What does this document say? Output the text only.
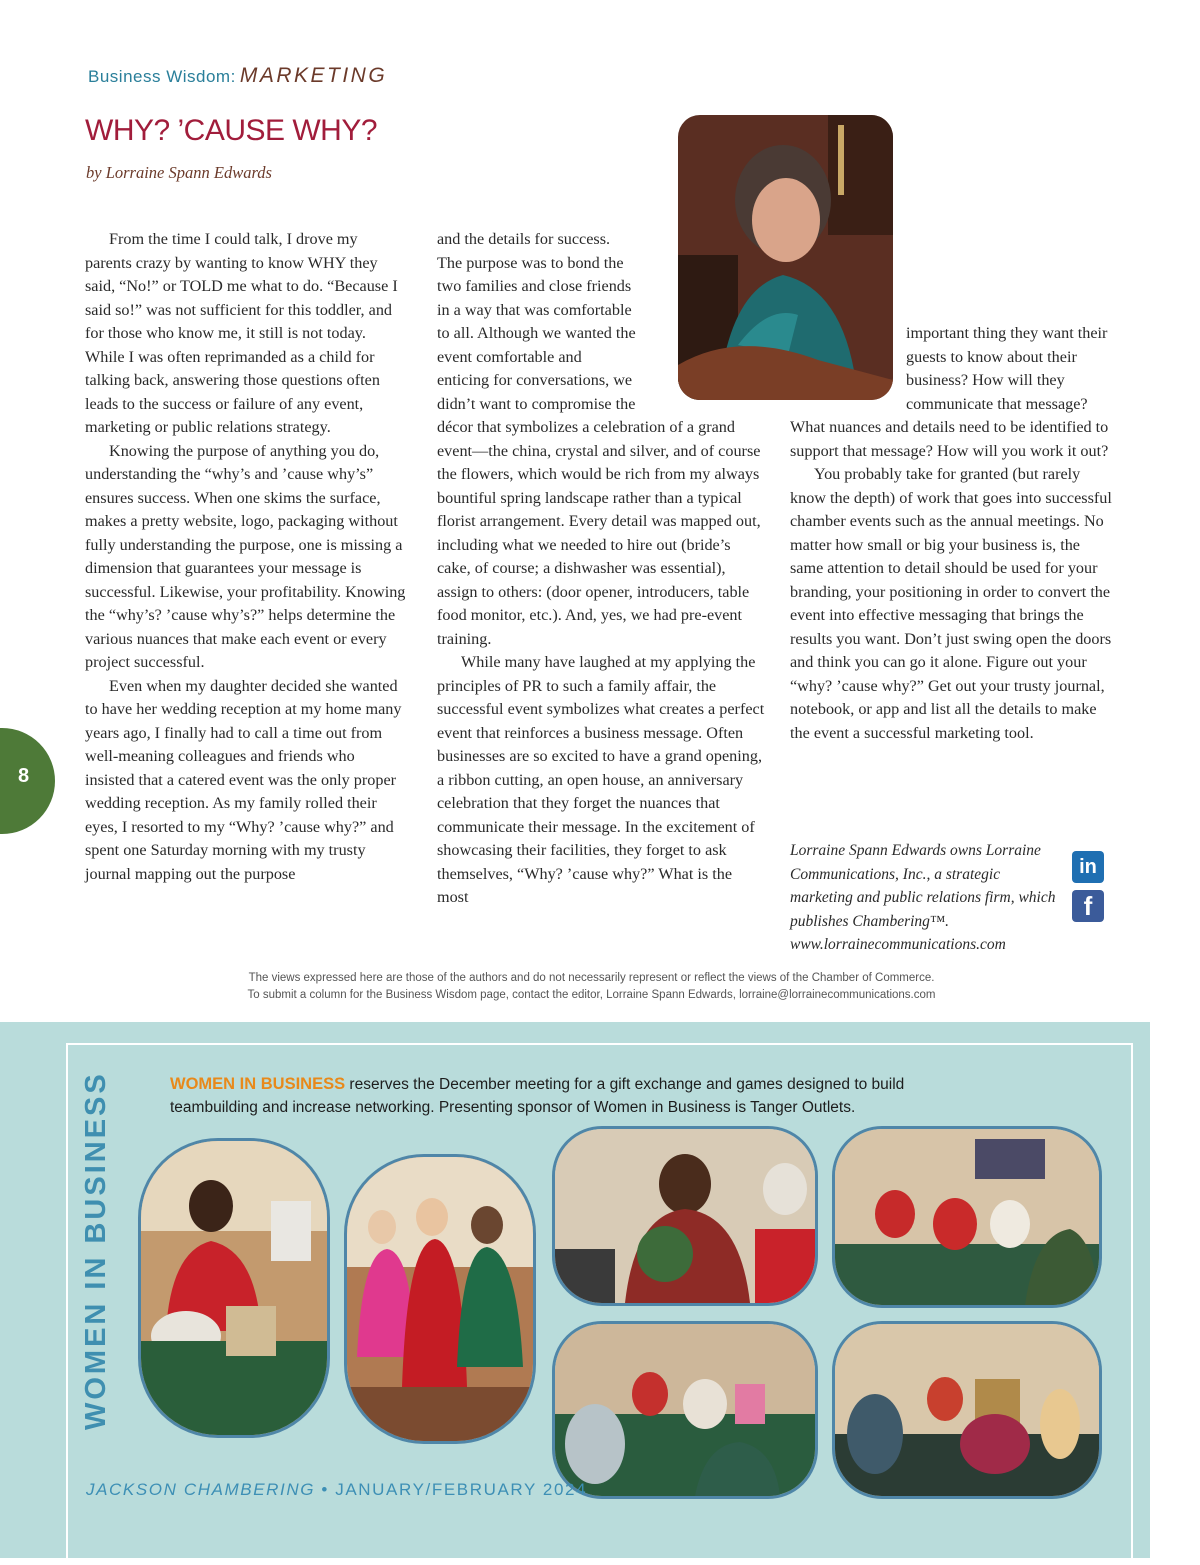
Business Wisdom: MARKETING
WHY? ’CAUSE WHY?
by Lorraine Spann Edwards

From the time I could talk, I drove my parents crazy by wanting to know WHY they said, “No!” or TOLD me what to do. “Because I said so!” was not sufficient for this toddler, and for those who know me, it still is not today. While I was often reprimanded as a child for talking back, answering those questions often leads to the success or failure of any event, marketing or public relations strategy.

Knowing the purpose of anything you do, understanding the “why’s and ’cause why’s” ensures success. When one skims the surface, makes a pretty website, logo, packaging without fully understanding the purpose, one is missing a dimension that guarantees your message is successful. Likewise, your profitability. Knowing the “why’s? ’cause why’s?” helps determine the various nuances that make each event or every project successful.

Even when my daughter decided she wanted to have her wedding reception at my home many years ago, I finally had to call a time out from well-meaning colleagues and friends who insisted that a catered event was the only proper wedding reception. As my family rolled their eyes, I resorted to my “Why? ’cause why?” and spent one Saturday morning with my trusty journal mapping out the purpose

and the details for success. The purpose was to bond the two families and close friends in a way that was comfortable to all. Although we wanted the event comfortable and enticing for conversations, we didn’t want to compromise the décor that symbolizes a celebration of a grand event—the china, crystal and silver, and of course the flowers, which would be rich from my always bountiful spring landscape rather than a typical florist arrangement. Every detail was mapped out, including what we needed to hire out (bride’s cake, of course; a dishwasher was essential), assign to others: (door opener, introducers, table food monitor, etc.). And, yes, we had pre-event training.

While many have laughed at my applying the principles of PR to such a family affair, the successful event symbolizes what creates a perfect event that reinforces a business message. Often businesses are so excited to have a grand opening, a ribbon cutting, an open house, an anniversary celebration that they forget the nuances that communicate their message. In the excitement of showcasing their facilities, they forget to ask themselves, “Why? ’cause why?” What is the most

important thing they want their guests to know about their business? How will they communicate that message? What nuances and details need to be identified to support that message? How will you work it out?

You probably take for granted (but rarely know the depth) of work that goes into successful chamber events such as the annual meetings. No matter how small or big your business is, the same attention to detail should be used for your branding, your positioning in order to convert the event into effective messaging that brings the results you want. Don’t just swing open the doors and think you can go it alone. Figure out your “why? ’cause why?” Get out your trusty journal, notebook, or app and list all the details to make the event a successful marketing tool.

Lorraine Spann Edwards owns Lorraine Communications, Inc., a strategic marketing and public relations firm, which publishes Chambering™. www.lorrainecommunications.com
in
f
The views expressed here are those of the authors and do not necessarily represent or reflect the views of the Chamber of Commerce.
To submit a column for the Business Wisdom page, contact the editor, Lorraine Spann Edwards, lorraine@lorrainecommunications.com
8
WOMEN IN BUSINESS	WOMEN IN BUSINESS reserves the December meeting for a gift exchange and games designed to build teambuilding and increase networking. Presenting sponsor of Women in Business is Tanger Outlets.
JACKSON CHAMBERING • JANUARY/FEBRUARY 2024
